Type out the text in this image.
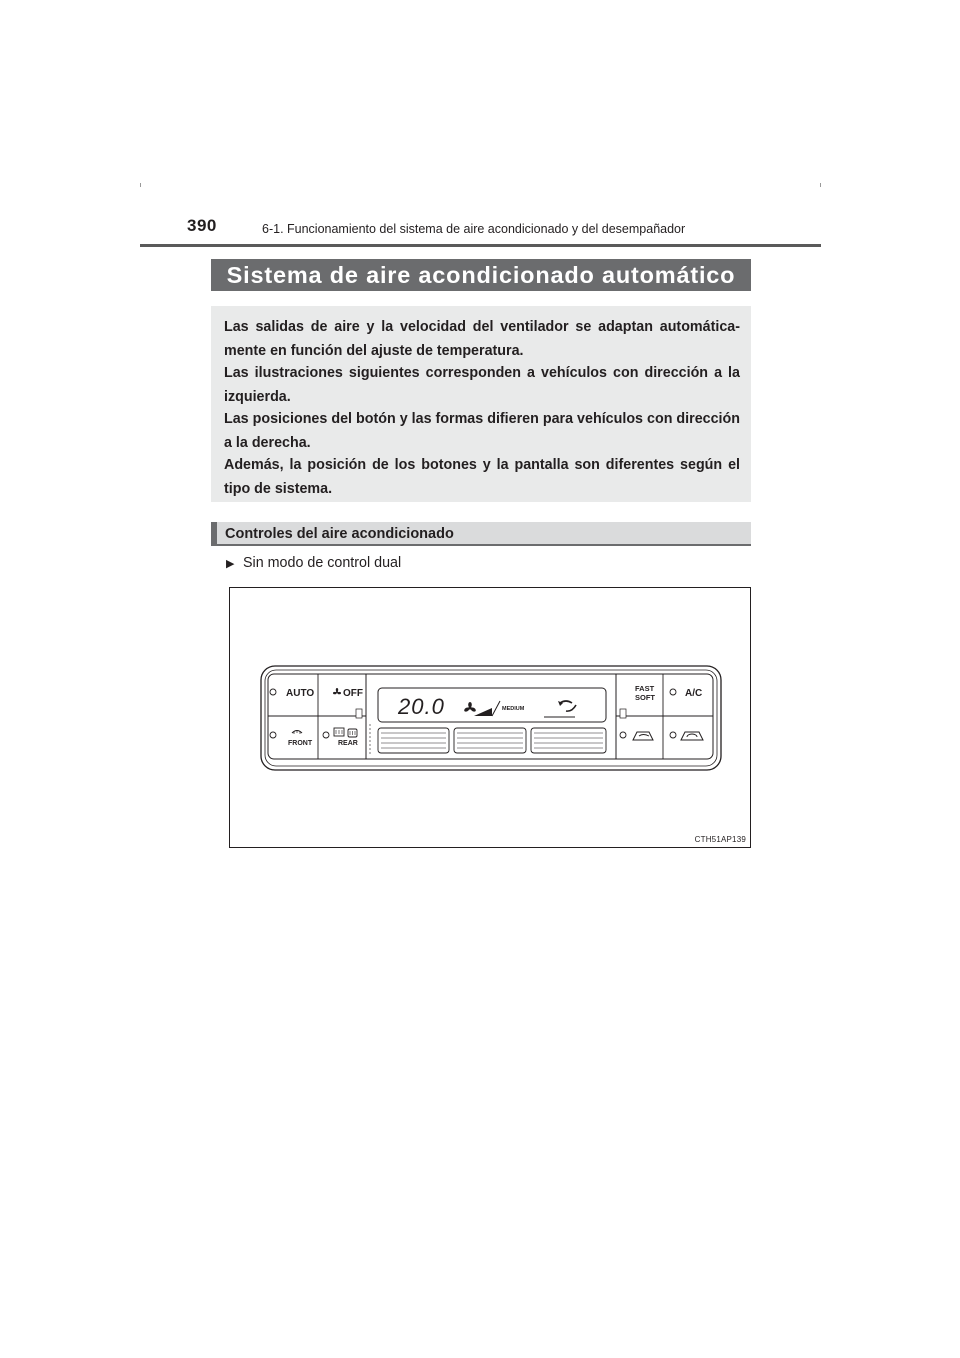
390	6-1. Funcionamiento del sistema de aire acondicionado y del desempañador
Sistema de aire acondicionado automático

Las salidas de aire y la velocidad del ventilador se adaptan automática-mente en función del ajuste de temperatura.

Las ilustraciones siguientes corresponden a vehículos con dirección a la izquierda.

Las posiciones del botón y las formas difieren para vehículos con dirección a la derecha.

Además, la posición de los botones y la pantalla son diferentes según el tipo de sistema.

Controles del aire acondicionado
▶ Sin modo de control dual
AUTO	OFF
FRONT	REAR
FAST
SOFT	A/C
20.0	MEDIUM
CTH51AP139
